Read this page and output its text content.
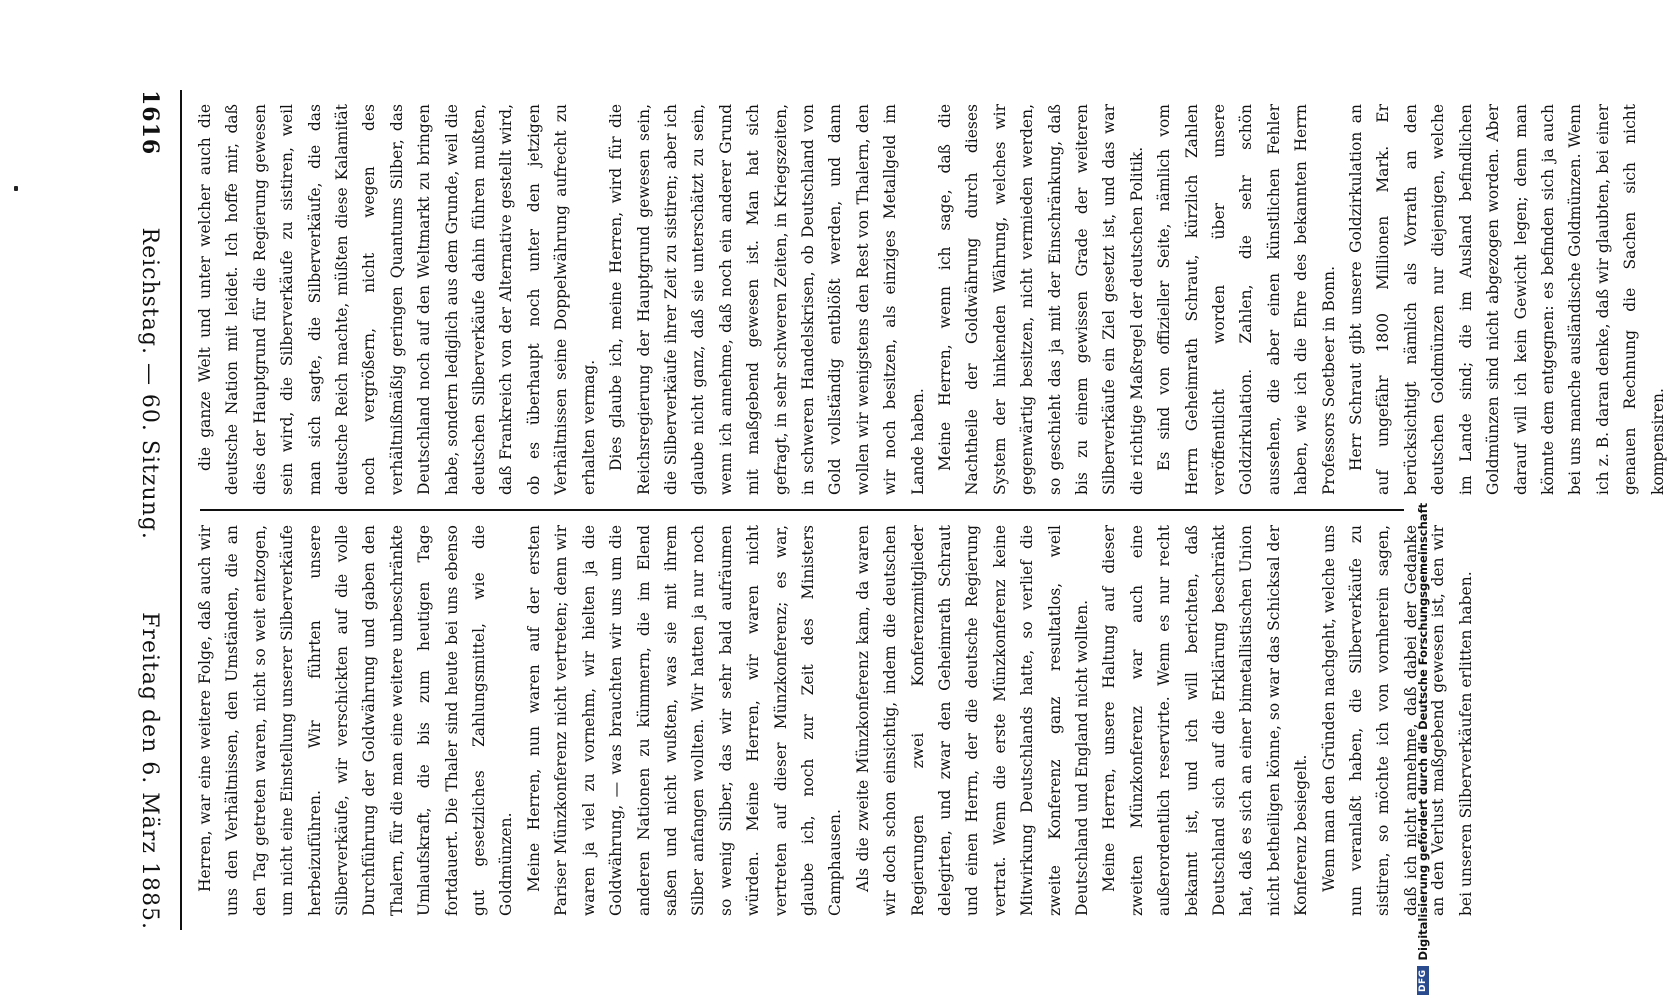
1616
Reichstag. — 60. Sitzung.
Freitag den 6. März 1885. Herren, war eine weitere Folge, daß auch wir uns den Verhältnissen, den Umständen, die an den Tag getreten waren, nicht so weit entzogen, um nicht eine Einstellung unserer Silberverkäufe herbeizuführen. Wir führten unsere Silberverkäufe, wir verschickten auf die volle Durchführung der Goldwährung und gaben den Thalern, für die man eine weitere unbeschränkte Umlaufskraft, die bis zum heutigen Tage fortdauert. Die Thaler sind heute bei uns ebenso gut gesetzliches Zahlungsmittel, wie die Goldmünzen. Meine Herren, nun waren auf der ersten Pariser Münzkonferenz nicht vertreten; denn wir waren ja viel zu vornehm, wir hielten ja die Goldwährung, — was brauchten wir uns um die anderen Nationen zu kümmern, die im Elend saßen und nicht wußten, was sie mit ihrem Silber anfangen wollten. Wir hatten ja nur noch so wenig Silber, das wir sehr bald aufräumen würden. Meine Herren, wir waren nicht vertreten auf dieser Münzkonferenz; es war, glaube ich, noch zur Zeit des Ministers Camphausen. Als die zweite Münzkonferenz kam, da waren wir doch schon einsichtig, indem die deutschen Regierungen zwei Konferenzmitglieder delegirten, und zwar den Geheimrath Schraut und einen Herrn, der die deutsche Regierung vertrat. Wenn die erste Münzkonferenz keine Mitwirkung Deutschlands hatte, so verlief die zweite Konferenz ganz resultatlos, weil Deutschland und England nicht wollten. Meine Herren, unsere Haltung auf dieser zweiten Münzkonferenz war auch eine außerordentlich reservirte. Wenn es nur recht bekannt ist, und ich will berichten, daß Deutschland sich auf die Erklärung beschränkt hat, daß es sich an einer bimetallistischen Union nicht betheiligen könne, so war das Schicksal der Konferenz besiegelt. Wenn man den Gründen nachgeht, welche uns nun veranlaßt haben, die Silberverkäufe zu sistiren, so möchte ich von vornherein sagen, daß ich nicht annehme, daß dabei der Gedanke an den Verlust maßgebend gewesen ist, den wir bei unseren Silberverkäufen erlitten haben.

die ganze Welt und unter welcher auch die deutsche Nation mit leidet. Ich hoffe mir, daß dies der Hauptgrund für die Regierung gewesen sein wird, die Silberverkäufe zu sistiren, weil man sich sagte, die Silberverkäufe, die das deutsche Reich machte, müßten diese Kalamität noch vergrößern, nicht wegen des verhältnißmäßig geringen Quantums Silber, das Deutschland noch auf den Weltmarkt zu bringen habe, sondern lediglich aus dem Grunde, weil die deutschen Silberverkäufe dahin führen mußten, daß Frankreich von der Alternative gestellt wird, ob es überhaupt noch unter den jetzigen Verhältnissen seine Doppelwährung aufrecht zu erhalten vermag. Dies glaube ich, meine Herren, wird für die Reichsregierung der Hauptgrund gewesen sein, die Silberverkäufe ihrer Zeit zu sistiren; aber ich glaube nicht ganz, daß sie unterschätzt zu sein, wenn ich annehme, daß noch ein anderer Grund mit maßgebend gewesen ist. Man hat sich gefragt, in sehr schweren Zeiten, in Kriegszeiten, in schweren Handelskrisen, ob Deutschland von Gold vollständig entblößt werden, und dann wollen wir wenigstens den Rest von Thalern, den wir noch besitzen, als einziges Metallgeld im Lande haben. Meine Herren, wenn ich sage, daß die Nachtheile der Goldwährung durch dieses System der hinkenden Währung, welches wir gegenwärtig besitzen, nicht vermieden werden, so geschieht das ja mit der Einschränkung, daß bis zu einem gewissen Grade der weiteren Silberverkäufe ein Ziel gesetzt ist, und das war die richtige Maßregel der deutschen Politik. Es sind von offizieller Seite, nämlich vom Herrn Geheimrath Schraut, kürzlich Zahlen veröffentlicht worden über unsere Goldzirkulation. Zahlen, die sehr schön aussehen, die aber einen künstlichen Fehler haben, wie ich die Ehre des bekannten Herrn Professors Soetbeer in Bonn. Herr Schraut gibt unsere Goldzirkulation an auf ungefähr 1800 Millionen Mark. Er berücksichtigt nämlich als Vorrath an den deutschen Goldmünzen nur diejenigen, welche im Lande sind; die im Ausland befindlichen Goldmünzen sind nicht abgezogen worden. Aber darauf will ich kein Gewicht legen; denn man könnte dem entgegnen: es befinden sich ja auch bei uns manche ausländische Goldmünzen. Wenn ich z. B. daran denke, daß wir glaubten, bei einer genauen Rechnung die Sachen sich nicht kompensiren.

DFG
Digitalisierung gefördert durch die Deutsche Forschungsgemeinschaft
